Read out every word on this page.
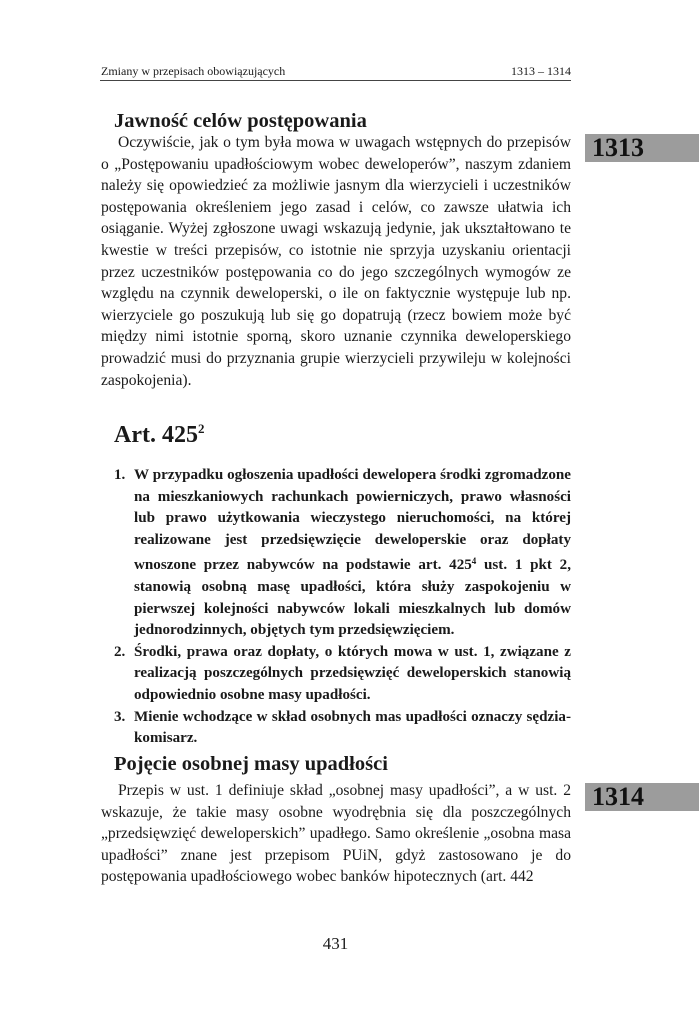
Zmiany w przepisach obowiązujących	1313 – 1314
1313
1314
Jawność celów postępowania

Oczywiście, jak o tym była mowa w uwagach wstępnych do przepisów o „Postępowaniu upadłościowym wobec deweloperów”, naszym zdaniem należy się opowiedzieć za możliwie jasnym dla wierzycieli i uczestników postępowania określeniem jego zasad i celów, co zawsze ułatwia ich osiąganie. Wyżej zgłoszone uwagi wskazują jedynie, jak ukształtowano te kwestie w treści przepisów, co istotnie nie sprzyja uzyskaniu orientacji przez uczestników postępowania co do jego szczególnych wymogów ze względu na czynnik deweloperski, o ile on faktycznie występuje lub np. wierzyciele go poszukują lub się go dopatrują (rzecz bowiem może być między nimi istotnie sporną, skoro uznanie czynnika deweloperskiego prowadzić musi do przyznania grupie wierzycieli przywileju w kolejności zaspokojenia).

Art. $425^2$
1. W przypadku ogłoszenia upadłości dewelopera środki zgromadzone na mieszkaniowych rachunkach powierniczych, prawo własności lub prawo użytkowania wieczystego nieruchomości, na której realizowane jest przedsięwzięcie deweloperskie oraz dopłaty wnoszone przez nabywców na podstawie art. $425^4$ ust. 1 pkt 2, stanowią osobną masę upadłości, która służy zaspokojeniu w pierwszej kolejności nabywców lokali mieszkalnych lub domów jednorodzinnych, objętych tym przedsięwzięciem.
2. Środki, prawa oraz dopłaty, o których mowa w ust. 1, związane z realizacją poszczególnych przedsięwzięć deweloperskich stanowią odpowiednio osobne masy upadłości.
3. Mienie wchodzące w skład osobnych mas upadłości oznaczy sędzia-komisarz.
Pojęcie osobnej masy upadłości

Przepis w ust. 1 definiuje skład „osobnej masy upadłości”, a w ust. 2 wskazuje, że takie masy osobne wyodrębnia się dla poszczególnych „przedsięwzięć deweloperskich” upadłego. Samo określenie „osobna masa upadłości” znane jest przepisom PUiN, gdyż zastosowano je do postępowania upadłościowego wobec banków hipotecznych (art. 442

431
